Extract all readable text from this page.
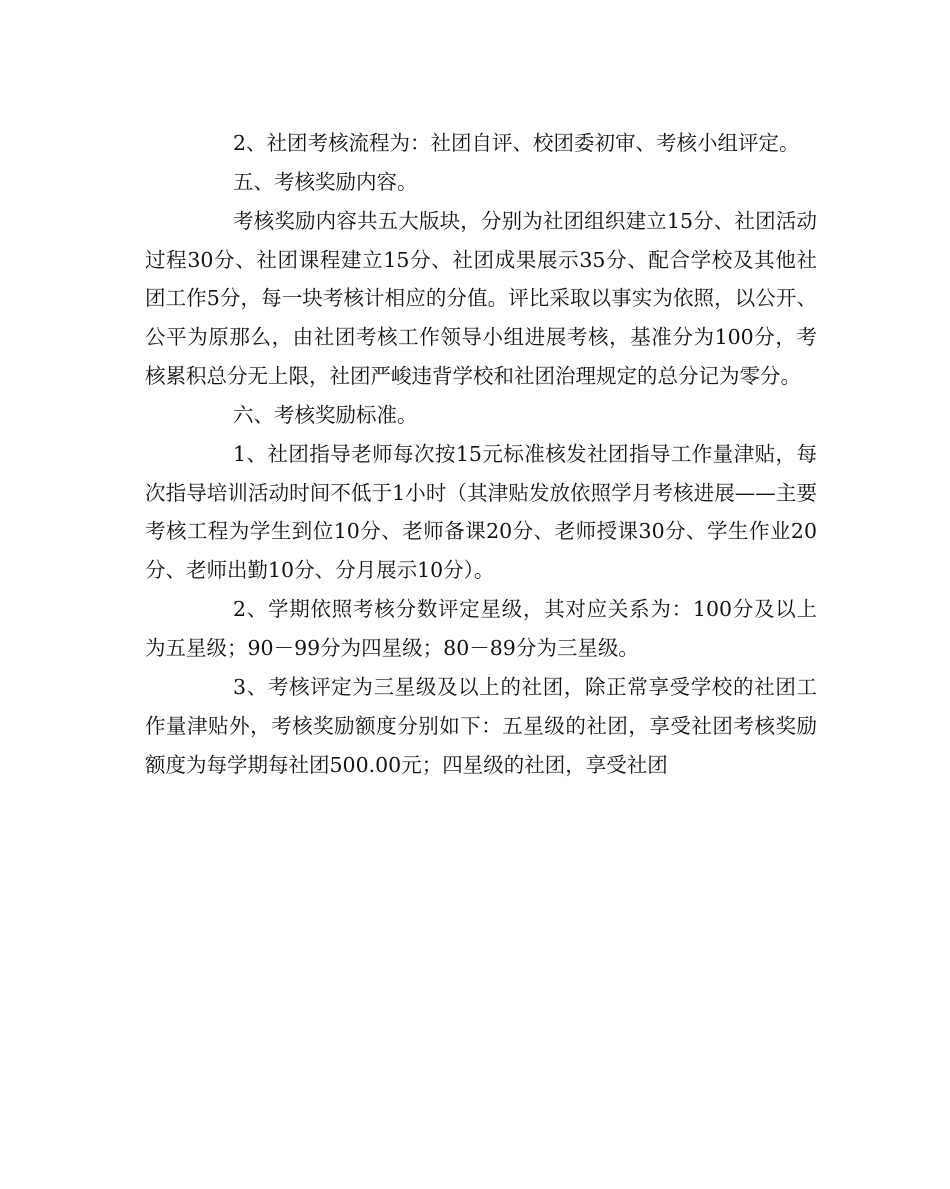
2、社团考核流程为：社团自评、校团委初审、考核小组评定。

五、考核奖励内容。

考核奖励内容共五大版块，分别为社团组织建立15分、社团活动过程30分、社团课程建立15分、社团成果展示35分、配合学校及其他社团工作5分，每一块考核计相应的分值。评比采取以事实为依照，以公开、公平为原那么，由社团考核工作领导小组进展考核，基准分为100分，考核累积总分无上限，社团严峻违背学校和社团治理规定的总分记为零分。

六、考核奖励标准。

1、社团指导老师每次按15元标准核发社团指导工作量津贴，每次指导培训活动时间不低于1小时（其津贴发放依照学月考核进展——主要考核工程为学生到位10分、老师备课20分、老师授课30分、学生作业20分、老师出勤10分、分月展示10分）。

2、学期依照考核分数评定星级，其对应关系为：100分及以上为五星级；90－99分为四星级；80－89分为三星级。

3、考核评定为三星级及以上的社团，除正常享受学校的社团工作量津贴外，考核奖励额度分别如下：五星级的社团，享受社团考核奖励额度为每学期每社团500.00元；四星级的社团，享受社团
